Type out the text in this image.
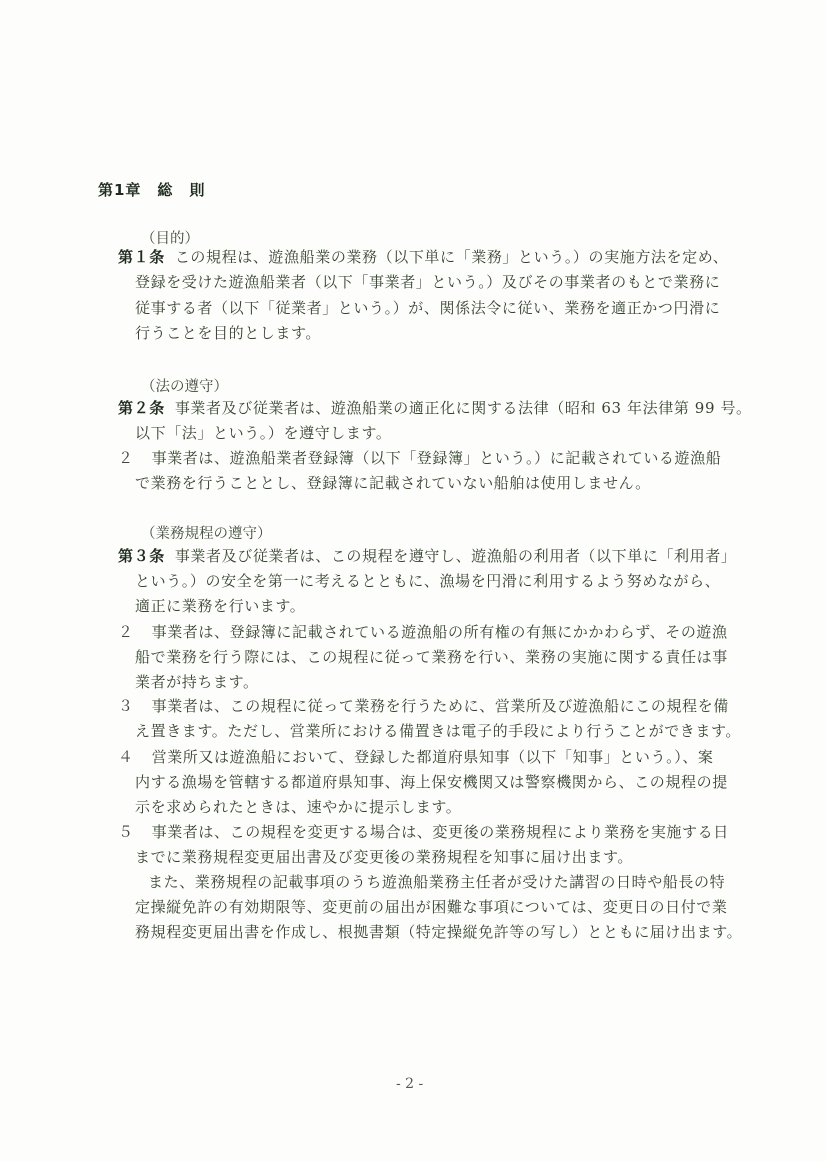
第1章　総　則
（目的）
第１条 この規程は、遊漁船業の業務（以下単に「業務」という。）の実施方法を定め、
登録を受けた遊漁船業者（以下「事業者」という。）及びその事業者のもとで業務に
従事する者（以下「従業者」という。）が、関係法令に従い、業務を適正かつ円滑に
行うことを目的とします。
（法の遵守）
第２条 事業者及び従業者は、遊漁船業の適正化に関する法律（昭和 63 年法律第 99 号。
以下「法」という。）を遵守します。
２ 事業者は、遊漁船業者登録簿（以下「登録簿」という。）に記載されている遊漁船
で業務を行うこととし、登録簿に記載されていない船舶は使用しません。
（業務規程の遵守）
第３条 事業者及び従業者は、この規程を遵守し、遊漁船の利用者（以下単に「利用者」
という。）の安全を第一に考えるとともに、漁場を円滑に利用するよう努めながら、
適正に業務を行います。
２ 事業者は、登録簿に記載されている遊漁船の所有権の有無にかかわらず、その遊漁
船で業務を行う際には、この規程に従って業務を行い、業務の実施に関する責任は事
業者が持ちます。
３ 事業者は、この規程に従って業務を行うために、営業所及び遊漁船にこの規程を備
え置きます。ただし、営業所における備置きは電子的手段により行うことができます。
４ 営業所又は遊漁船において、登録した都道府県知事（以下「知事」という。）、案
内する漁場を管轄する都道府県知事、海上保安機関又は警察機関から、この規程の提
示を求められたときは、速やかに提示します。
５ 事業者は、この規程を変更する場合は、変更後の業務規程により業務を実施する日
までに業務規程変更届出書及び変更後の業務規程を知事に届け出ます。
また、業務規程の記載事項のうち遊漁船業務主任者が受けた講習の日時や船長の特
定操縦免許の有効期限等、変更前の届出が困難な事項については、変更日の日付で業
務規程変更届出書を作成し、根拠書類（特定操縦免許等の写し）とともに届け出ます。
- 2 -
